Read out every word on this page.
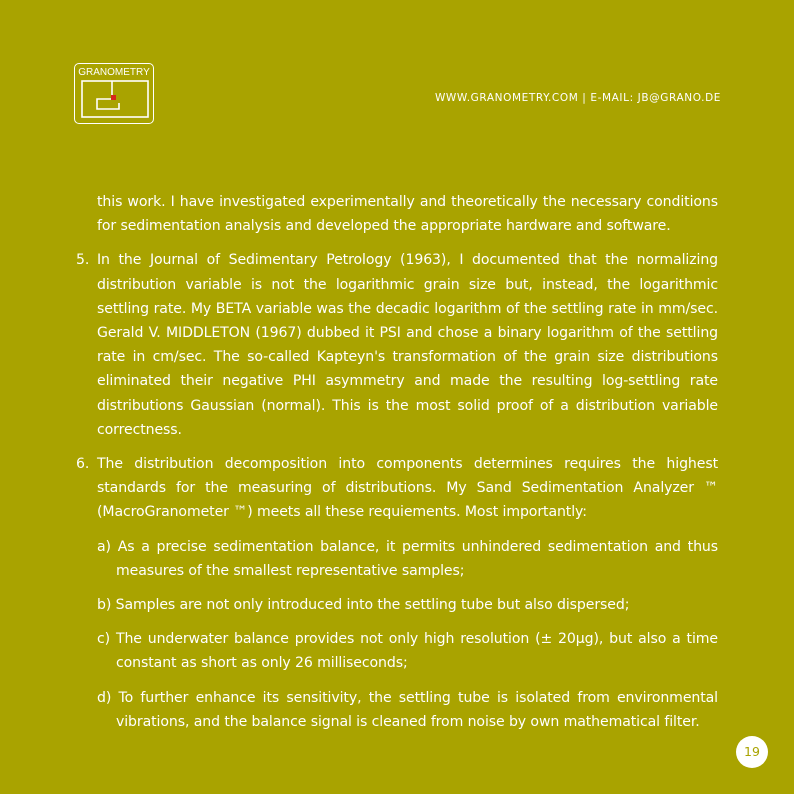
GRANOMETRY
WWW.GRANOMETRY.COM | E-MAIL: JB@GRANO.DE
this work. I have investigated experimentally and theoretically the necessary conditions for sedimentation analysis and developed the appropriate hardware and software.
5. In the Journal of Sedimentary Petrology (1963), I documented that the normalizing distribution variable is not the logarithmic grain size but, instead, the logarithmic settling rate. My BETA variable was the decadic logarithm of the settling rate in mm/sec. Gerald V. MIDDLETON (1967) dubbed it PSI and chose a binary logarithm of the settling rate in cm/sec. The so-called Kapteyn's transformation of the grain size distributions eliminated their negative PHI asymmetry and made the resulting log-settling rate distributions Gaussian (normal). This is the most solid proof of a distribution variable correctness.
6. The distribution decomposition into components determines requires the highest standards for the measuring of distributions. My Sand Sedimentation Analyzer ™ (MacroGranometer ™) meets all these requiements. Most importantly:
a) As a precise sedimentation balance, it permits unhindered sedimentation and thus measures of the smallest representative samples;
b) Samples are not only introduced into the settling tube but also dispersed;
c) The underwater balance provides not only high resolution (± 20µg), but also a time constant as short as only 26 milliseconds;
d) To further enhance its sensitivity, the settling tube is isolated from environmental vibrations, and the balance signal is cleaned from noise by own mathematical filter.
19
